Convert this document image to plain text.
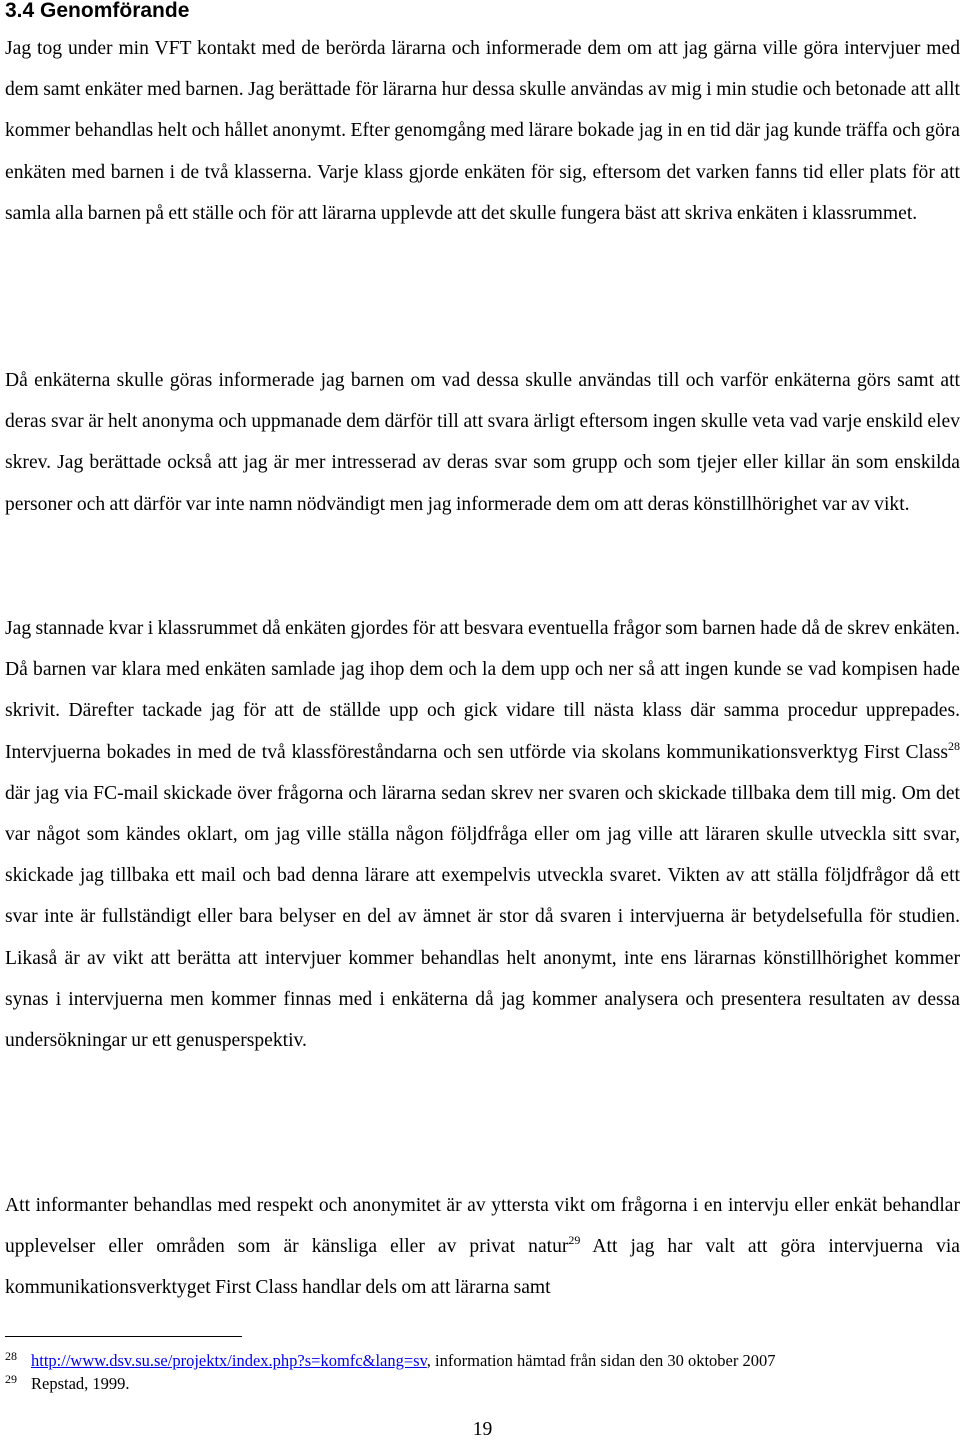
3.4 Genomförande

Jag tog under min VFT kontakt med de berörda lärarna och informerade dem om att jag gärna ville göra intervjuer med dem samt enkäter med barnen. Jag berättade för lärarna hur dessa skulle användas av mig i min studie och betonade att allt kommer behandlas helt och hållet anonymt. Efter genomgång med lärare bokade jag in en tid där jag kunde träffa och göra enkäten med barnen i de två klasserna. Varje klass gjorde enkäten för sig, eftersom det varken fanns tid eller plats för att samla alla barnen på ett ställe och för att lärarna upplevde att det skulle fungera bäst att skriva enkäten i klassrummet.

Då enkäterna skulle göras informerade jag barnen om vad dessa skulle användas till och varför enkäterna görs samt att deras svar är helt anonyma och uppmanade dem därför till att svara ärligt eftersom ingen skulle veta vad varje enskild elev skrev. Jag berättade också att jag är mer intresserad av deras svar som grupp och som tjejer eller killar än som enskilda personer och att därför var inte namn nödvändigt men jag informerade dem om att deras könstillhörighet var av vikt.

Jag stannade kvar i klassrummet då enkäten gjordes för att besvara eventuella frågor som barnen hade då de skrev enkäten. Då barnen var klara med enkäten samlade jag ihop dem och la dem upp och ner så att ingen kunde se vad kompisen hade skrivit. Därefter tackade jag för att de ställde upp och gick vidare till nästa klass där samma procedur upprepades. Intervjuerna bokades in med de två klassföreståndarna och sen utförde via skolans kommunikationsverktyg First Class$^{28}$ där jag via FC-mail skickade över frågorna och lärarna sedan skrev ner svaren och skickade tillbaka dem till mig. Om det var något som kändes oklart, om jag ville ställa någon följdfråga eller om jag ville att läraren skulle utveckla sitt svar, skickade jag tillbaka ett mail och bad denna lärare att exempelvis utveckla svaret. Vikten av att ställa följdfrågor då ett svar inte är fullständigt eller bara belyser en del av ämnet är stor då svaren i intervjuerna är betydelsefulla för studien. Likaså är av vikt att berätta att intervjuer kommer behandlas helt anonymt, inte ens lärarnas könstillhörighet kommer synas i intervjuerna men kommer finnas med i enkäterna då jag kommer analysera och presentera resultaten av dessa undersökningar ur ett genusperspektiv.

Att informanter behandlas med respekt och anonymitet är av yttersta vikt om frågorna i en intervju eller enkät behandlar upplevelser eller områden som är känsliga eller av privat natur$^{29}$ Att jag har valt att göra intervjuerna via kommunikationsverktyget First Class handlar dels om att lärarna samt

28 http://www.dsv.su.se/projektx/index.php?s=komfc&lang=sv, information hämtad från sidan den 30 oktober 2007
29 Repstad, 1999.
19
